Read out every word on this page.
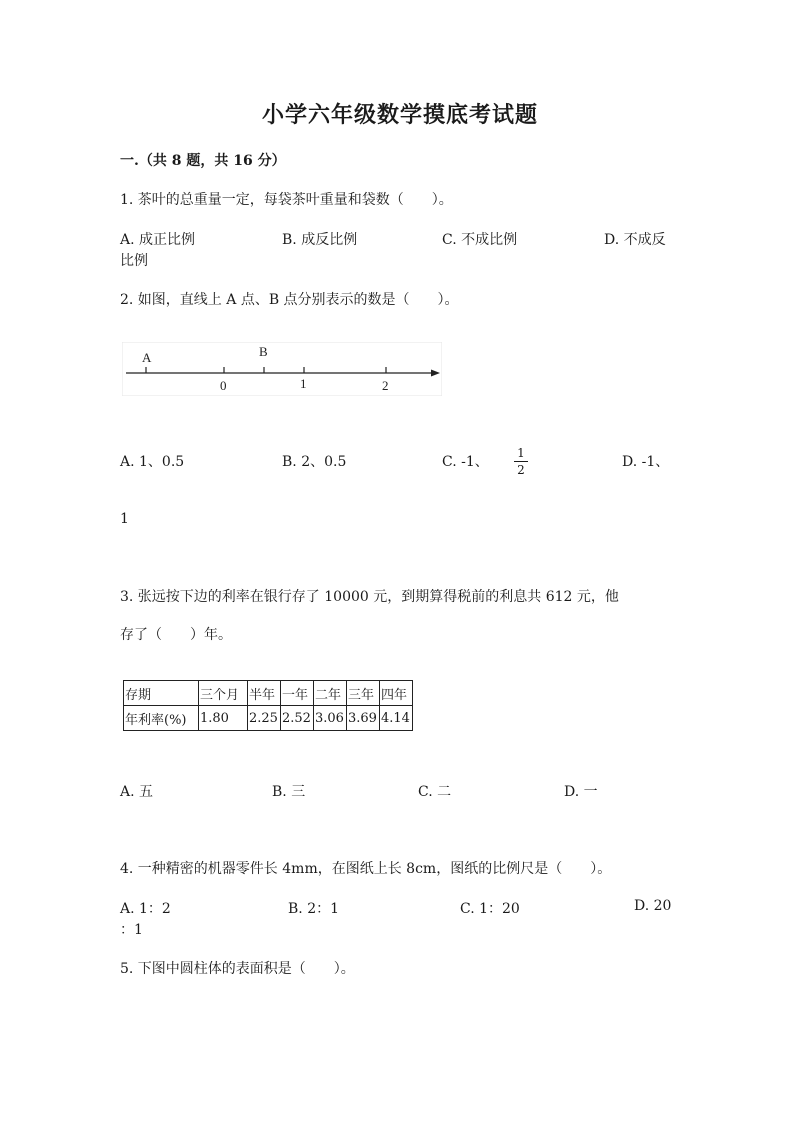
小学六年级数学摸底考试题
一.（共 8 题，共 16 分）
1. 茶叶的总重量一定，每袋茶叶重量和袋数（　　）。
A. 成正比例	B. 成反比例	C. 不成比例	D. 不成反
比例
2. 如图，直线上 A 点、B 点分别表示的数是（　　）。
A	B
0	1	2
A. 1、0.5	B. 2、0.5	C. -1、
1
2	D. -1、
1
3. 张远按下边的利率在银行存了 10000 元，到期算得税前的利息共 612 元，他
存了（　　）年。
存期	三个月	半年	一年	二年	三年	四年
年利率(%)	1.80	2.25	2.52	3.06	3.69	4.14
A. 五	B. 三	C. 二	D. 一
4. 一种精密的机器零件长 4mm，在图纸上长 8cm，图纸的比例尺是（　　）。
A. 1：2	B. 2：1	C. 1：20	D. 20
：1
5. 下图中圆柱体的表面积是（　　）。
